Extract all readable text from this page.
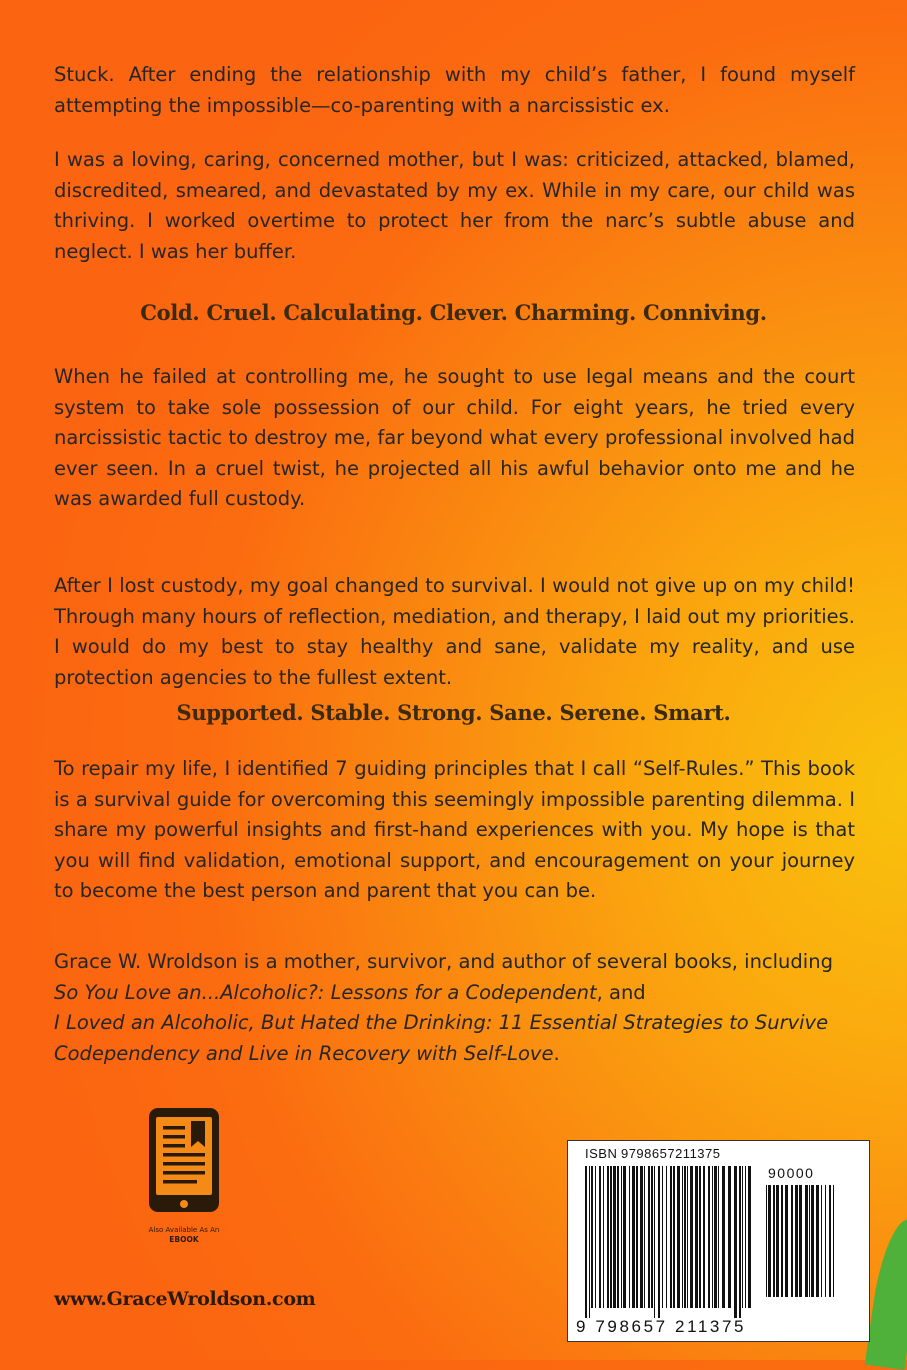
Stuck. After ending the relationship with my child’s father, I found myself attempting the impossible—co-parenting with a narcissistic ex.

I was a loving, caring, concerned mother, but I was: criticized, attacked, blamed, discredited, smeared, and devastated by my ex. While in my care, our child was thriving. I worked overtime to protect her from the narc’s subtle abuse and neglect. I was her buffer.

Cold. Cruel. Calculating. Clever. Charming. Conniving.

When he failed at controlling me, he sought to use legal means and the court system to take sole possession of our child. For eight years, he tried every narcissistic tactic to destroy me, far beyond what every professional involved had ever seen. In a cruel twist, he projected all his awful behavior onto me and he was awarded full custody.

After I lost custody, my goal changed to survival. I would not give up on my child! Through many hours of reflection, mediation, and therapy, I laid out my priorities. I would do my best to stay healthy and sane, validate my reality, and use protection agencies to the fullest extent.

Supported. Stable. Strong. Sane. Serene. Smart.

To repair my life, I identified 7 guiding principles that I call “Self-Rules.” This book is a survival guide for overcoming this seemingly impossible parenting dilemma. I share my powerful insights and first-hand experiences with you. My hope is that you will find validation, emotional support, and encouragement on your journey to become the best person and parent that you can be.

Grace W. Wroldson is a mother, survivor, and author of several books, including
So You Love an...Alcoholic?: Lessons for a Codependent, and
I Loved an Alcoholic, But Hated the Drinking: 11 Essential Strategies to Survive Codependency and Live in Recovery with Self-Love.

Also Available As An
EBOOK
www.GraceWroldson.com
ISBN 9798657211375
90000
9 798657 211375
